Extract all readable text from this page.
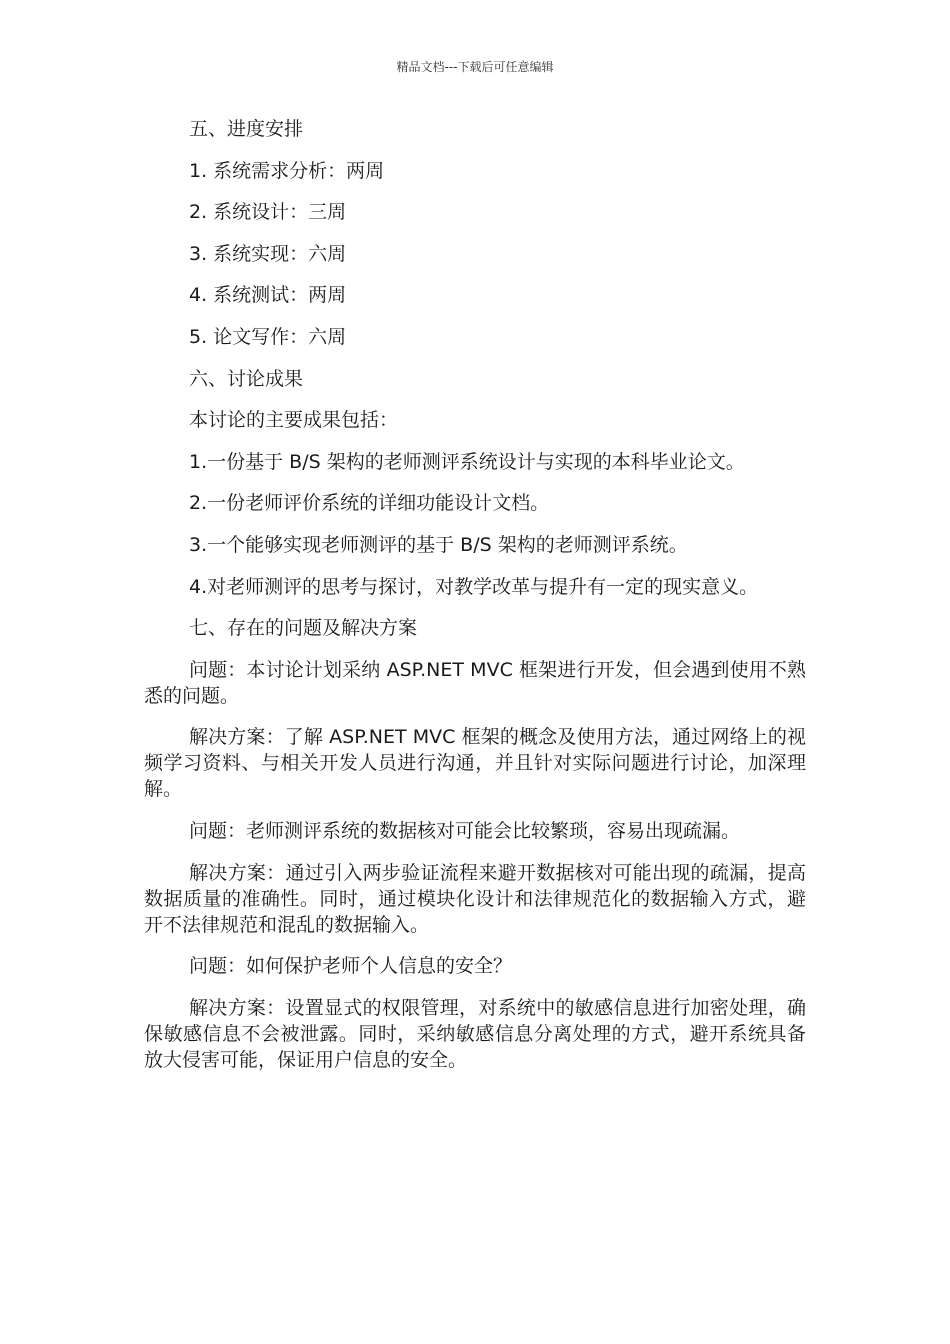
精品文档---下载后可任意编辑
五、进度安排
1. 系统需求分析：两周
2. 系统设计：三周
3. 系统实现：六周
4. 系统测试：两周
5. 论文写作：六周
六、讨论成果
本讨论的主要成果包括：
1.一份基于 B/S 架构的老师测评系统设计与实现的本科毕业论文。
2.一份老师评价系统的详细功能设计文档。
3.一个能够实现老师测评的基于 B/S 架构的老师测评系统。
4.对老师测评的思考与探讨，对教学改革与提升有一定的现实意义。
七、存在的问题及解决方案

问题：本讨论计划采纳 ASP.NET MVC 框架进行开发，但会遇到使用不熟悉的问题。

解决方案：了解 ASP.NET MVC 框架的概念及使用方法，通过网络上的视频学习资料、与相关开发人员进行沟通，并且针对实际问题进行讨论，加深理解。

问题：老师测评系统的数据核对可能会比较繁琐，容易出现疏漏。

解决方案：通过引入两步验证流程来避开数据核对可能出现的疏漏，提高数据质量的准确性。同时，通过模块化设计和法律规范化的数据输入方式，避开不法律规范和混乱的数据输入。

问题：如何保护老师个人信息的安全？

解决方案：设置显式的权限管理，对系统中的敏感信息进行加密处理，确保敏感信息不会被泄露。同时，采纳敏感信息分离处理的方式，避开系统具备放大侵害可能，保证用户信息的安全。
